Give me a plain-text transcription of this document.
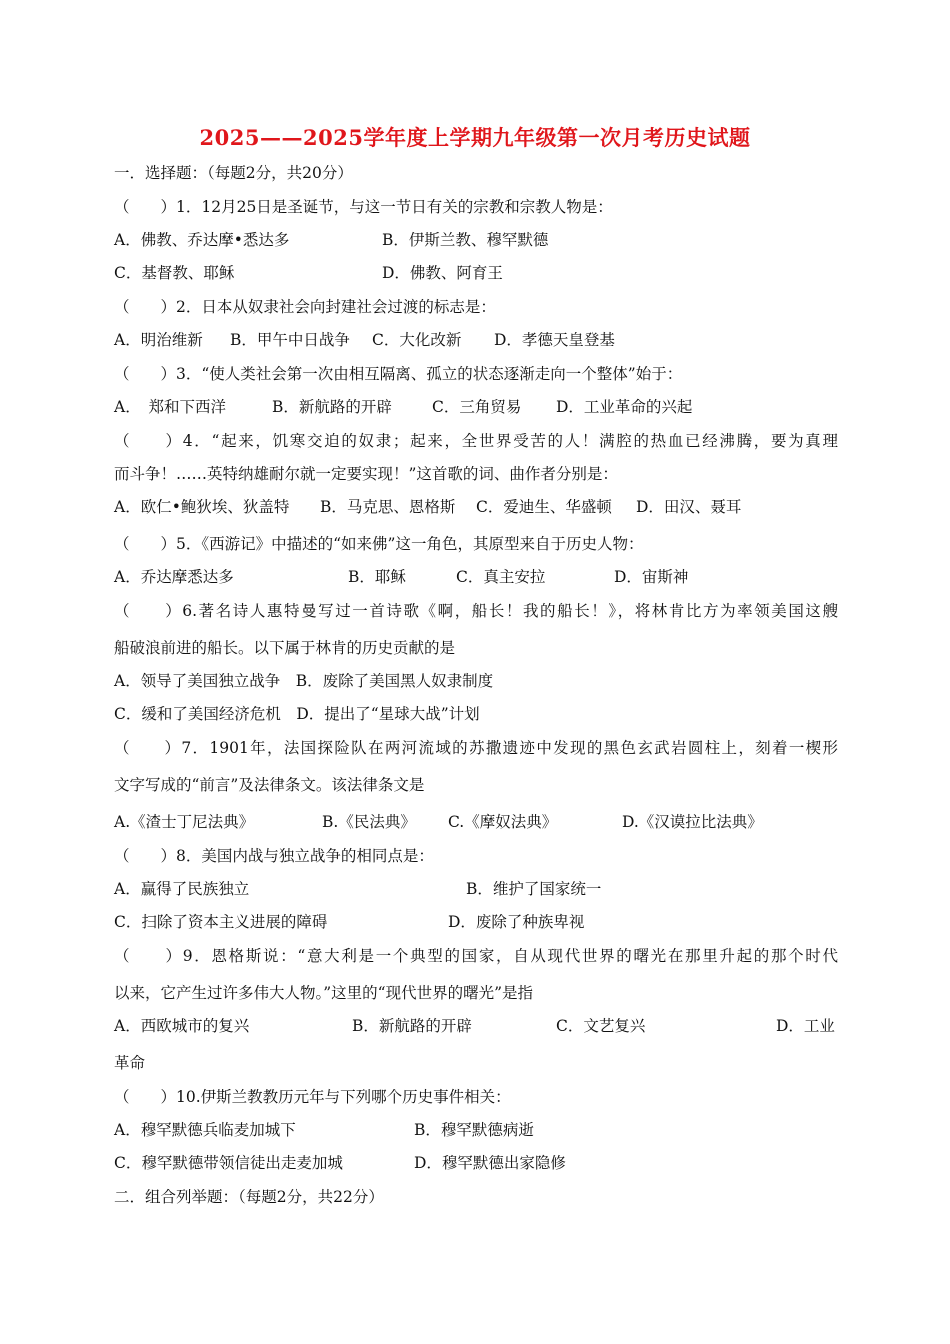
2025——2025学年度上学期九年级第一次月考历史试题
一．选择题：（每题2分，共20分）
（　　）1．12月25日是圣诞节，与这一节日有关的宗教和宗教人物是：
A．佛教、乔达摩•悉达多	B．伊斯兰教、穆罕默德
C．基督教、耶稣	D．佛教、阿育王
（　　）2．日本从奴隶社会向封建社会过渡的标志是：
A．明治维新 B．甲午中日战争 C．大化改新 D．孝德天皇登基
（　　）3．“使人类社会第一次由相互隔离、孤立的状态逐渐走向一个整体”始于：
A．　郑和下西洋	B．新航路的开辟	C．三角贸易 D．工业革命的兴起
（　　）4．“起来，饥寒交迫的奴隶；起来，全世界受苦的人！满腔的热血已经沸腾，要为真理
而斗争！……英特纳雄耐尔就一定要实现！”这首歌的词、曲作者分别是：
A．欧仁•鲍狄埃、狄盖特 B．马克思、恩格斯 C．爱迪生、华盛顿 D．田汉、聂耳
（　　）5．《西游记》中描述的“如来佛”这一角色，其原型来自于历史人物：
A．乔达摩悉达多	B．耶稣	C．真主安拉	D．宙斯神
（　　）6.著名诗人惠特曼写过一首诗歌《啊，船长！我的船长！》，将林肯比方为率领美国这艘
船破浪前进的船长。以下属于林肯的历史贡献的是
A．领导了美国独立战争　B．废除了美国黑人奴隶制度
C．缓和了美国经济危机　D．提出了“星球大战”计划
（　　）7．1901年，法国探险队在两河流域的苏撒遗迹中发现的黑色玄武岩圆柱上，刻着一楔形
文字写成的“前言”及法律条文。该法律条文是
A.《渣士丁尼法典》	B.《民法典》 C.《摩奴法典》	D.《汉谟拉比法典》
（　　）8．美国内战与独立战争的相同点是：
A．赢得了民族独立	B．维护了国家统一
C．扫除了资本主义进展的障碍	D．废除了种族卑视
（　　）9．恩格斯说：“意大利是一个典型的国家，自从现代世界的曙光在那里升起的那个时代
以来，它产生过许多伟大人物。”这里的“现代世界的曙光”是指
A．西欧城市的复兴	B．新航路的开辟	C．文艺复兴	D．工业
革命
（　　）10.伊斯兰教教历元年与下列哪个历史事件相关：
A．穆罕默德兵临麦加城下	B．穆罕默德病逝
C．穆罕默德带领信徒出走麦加城	D．穆罕默德出家隐修
二．组合列举题：（每题2分，共22分）
